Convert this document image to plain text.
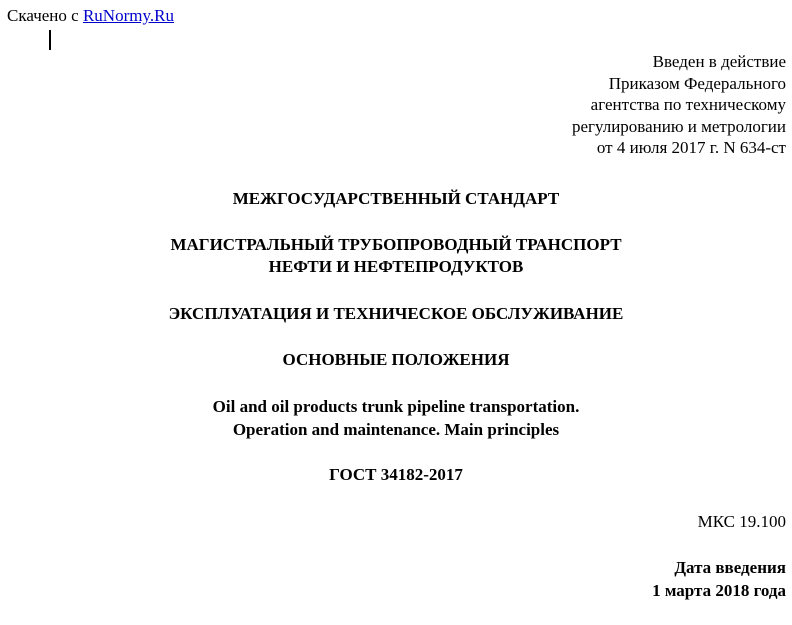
Скачено с RuNormy.Ru
Введен в действие
Приказом Федерального
агентства по техническому
регулированию и метрологии
от 4 июля 2017 г. N 634-ст
МЕЖГОСУДАРСТВЕННЫЙ СТАНДАРТ
МАГИСТРАЛЬНЫЙ ТРУБОПРОВОДНЫЙ ТРАНСПОРТ
НЕФТИ И НЕФТЕПРОДУКТОВ
ЭКСПЛУАТАЦИЯ И ТЕХНИЧЕСКОЕ ОБСЛУЖИВАНИЕ
ОСНОВНЫЕ ПОЛОЖЕНИЯ
Oil and oil products trunk pipeline transportation.
Operation and maintenance. Main principles
ГОСТ 34182-2017
МКС 19.100
Дата введения
1 марта 2018 года
